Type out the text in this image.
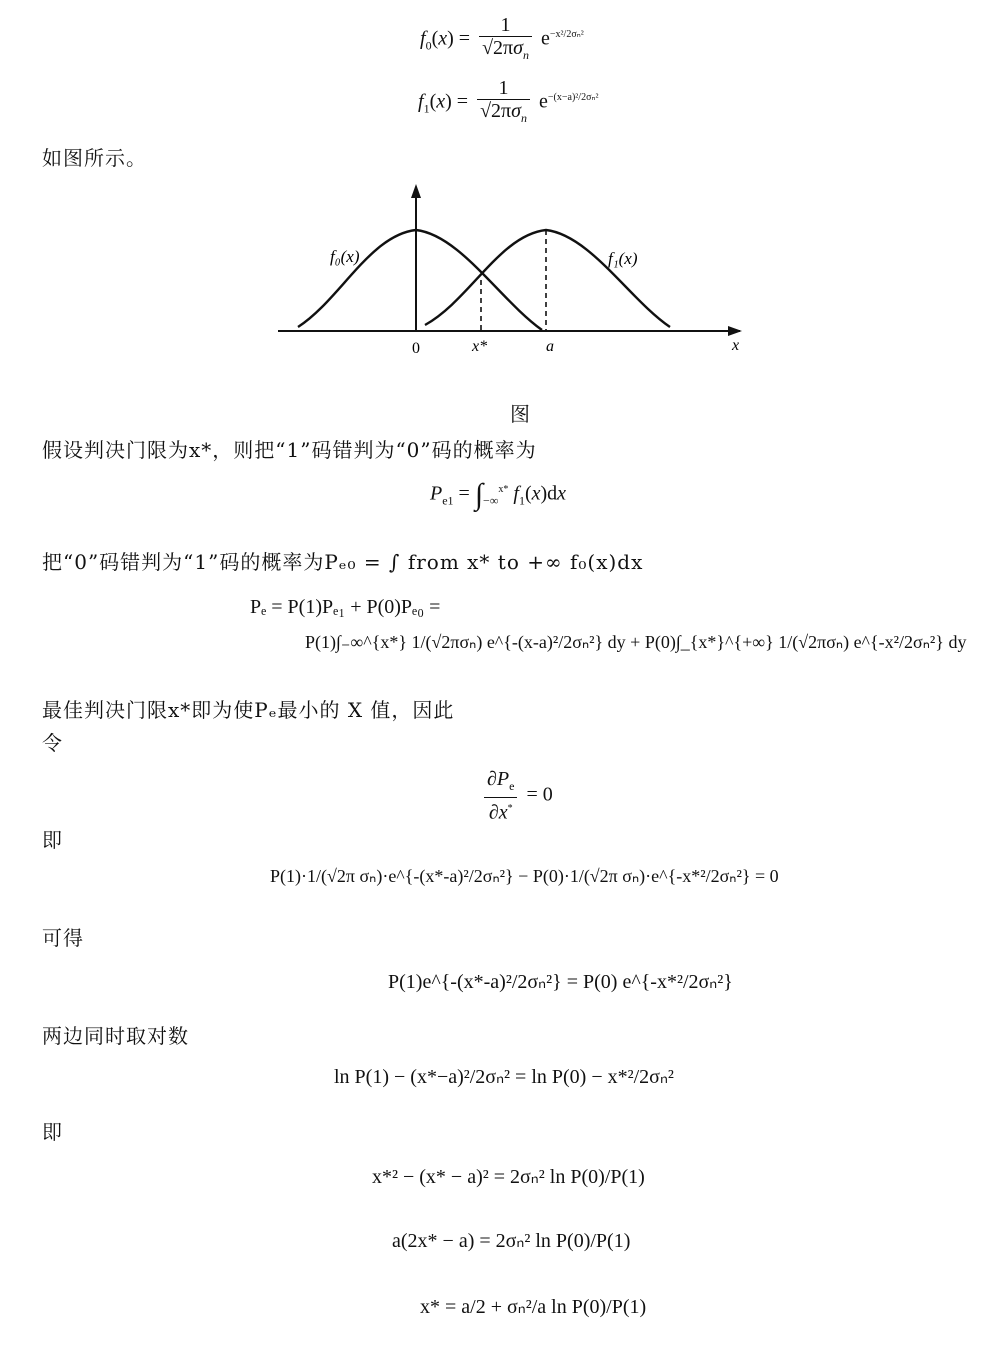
$f_0(x) = \frac{1}{√2\pi\sigma_n} e^{-x^2/2\sigma_n^2}$
$f_1(x) = \frac{1}{√2\pi\sigma_n} e^{-(x-a)^2/2\sigma_n^2}$
如图所示。
f₀(x)	f₁(x)
0	x*	a	x
图
假设判决门限为x*，则把“1”码错判为“0”码的概率为
$P_{e1} = \int_{-\infty}^{x*}$ $f_1(x)dx$
把“0”码错判为“1”码的概率为Pₑ₀ = ∫ from x* to +∞ f₀(x)dx
Pₑ = P(1)Pₑ₁ + P(0)Pₑ₀ =
P(1)∫₋∞^{x*} 1/(√2πσₙ) e^{-(x-a)²/2σₙ²} dy + P(0)∫_{x*}^{+∞} 1/(√2πσₙ) e^{-x²/2σₙ²} dy
最佳判决门限x*即为使Pₑ最小的 X 值，因此
令
$\frac{\partial P_e}{\partial x^*} = 0$
即
P(1)·1/(√2π σₙ)·e^{-(x*-a)²/2σₙ²} − P(0)·1/(√2π σₙ)·e^{-x*²/2σₙ²} = 0
可得
P(1)e^{-(x*-a)²/2σₙ²} = P(0) e^{-x*²/2σₙ²}
两边同时取对数
ln P(1) − (x*−a)²/2σₙ² = ln P(0) − x*²/2σₙ²
即
x*² − (x* − a)² = 2σₙ² ln P(0)/P(1)
a(2x* − a) = 2σₙ² ln P(0)/P(1)
x* = a/2 + σₙ²/a ln P(0)/P(1)
